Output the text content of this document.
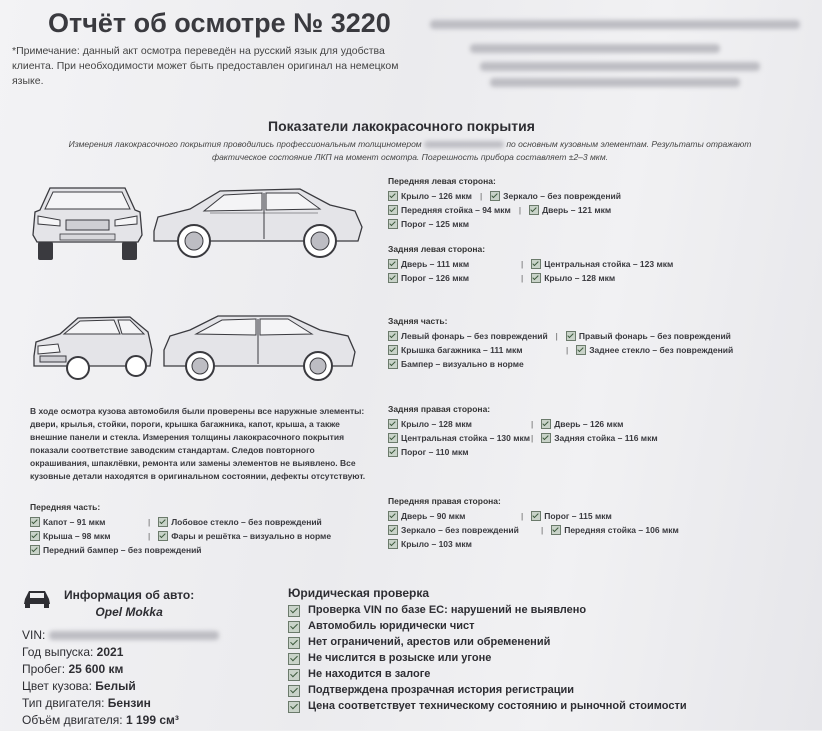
Отчёт об осмотре № 3220
*Примечание: данный акт осмотра переведён на русский язык для удобства клиента. При необходимости может быть предоставлен оригинал на немецком языке.
Показатели лакокрасочного покрытия
Измерения лакокрасочного покрытия проводились профессиональным толщиномером	по основным кузовным элементам. Результаты отражают
фактическое состояние ЛКП на момент осмотра. Погрешность прибора составляет ±2–3 мкм.
Передняя левая сторона:
Крыло – 126 мкм | Зеркало – без повреждений
Передняя стойка – 94 мкм | Дверь – 121 мкм
Порог – 125 мкм
Задняя левая сторона:
Дверь – 111 мкм	| Центральная стойка – 123 мкм
Порог – 126 мкм	| Крыло – 128 мкм
Задняя часть:
Левый фонарь – без повреждений | Правый фонарь – без повреждений
Крышка багажника – 111 мкм	| Заднее стекло – без повреждений
Бампер – визуально в норме
Задняя правая сторона:
Крыло – 128 мкм	| Дверь – 126 мкм
Центральная стойка – 130 мкм | Задняя стойка – 116 мкм
Порог – 110 мкм
Передняя правая сторона:
Дверь – 90 мкм	| Порог – 115 мкм
Зеркало – без повреждений	| Передняя стойка – 106 мкм
Крыло – 103 мкм
В ходе осмотра кузова автомобиля были проверены все наружные элементы: двери, крылья, стойки, пороги, крышка багажника, капот, крыша, а также внешние панели и стекла. Измерения толщины лакокрасочного покрытия показали соответствие заводским стандартам. Следов повторного окрашивания, шпаклёвки, ремонта или замены элементов не выявлено. Все кузовные детали находятся в оригинальном состоянии, дефекты отсутствуют.
Передняя часть:
Капот – 91 мкм	| Лобовое стекло – без повреждений
Крыша – 98 мкм	| Фары и решётка – визуально в норме
Передний бампер – без повреждений
Информация об авто:
Opel Mokka
VIN:
Год выпуска: 2021
Пробег: 25 600 км
Цвет кузова: Белый
Тип двигателя: Бензин
Объём двигателя: 1 199 см³
Юридическая проверка
Проверка VIN по базе ЕС: нарушений не выявлено
Автомобиль юридически чист
Нет ограничений, арестов или обременений
Не числится в розыске или угоне
Не находится в залоге
Подтверждена прозрачная история регистрации
Цена соответствует техническому состоянию и рыночной стоимости
